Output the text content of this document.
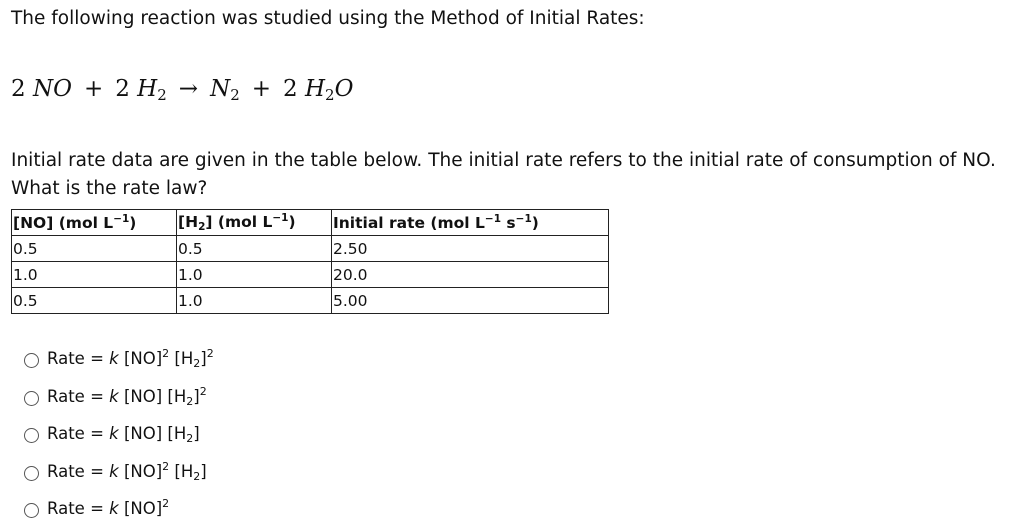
The following reaction was studied using the Method of Initial Rates:
2 NO + 2 $H_2 \to N_2 + 2$ $H_2O$
Initial rate data are given in the table below. The initial rate refers to the initial rate of consumption of NO. What is the rate law?
[NO] (mol $L^{-1}$)	$[H_2]$ (mol $L^{-1}$)	Initial rate (mol $L^{-1}$ $s^{-1}$)
0.5	0.5	2.50
1.0	1.0	20.0
0.5	1.0	5.00
Rate = k [NO]$^2$ $[H_2]^2$
Rate = k [NO] $[H_2]^2$
Rate = k [NO] $[H_2]$
Rate = k [NO]$^2$ $[H_2]$
Rate = k [NO]$^2$
